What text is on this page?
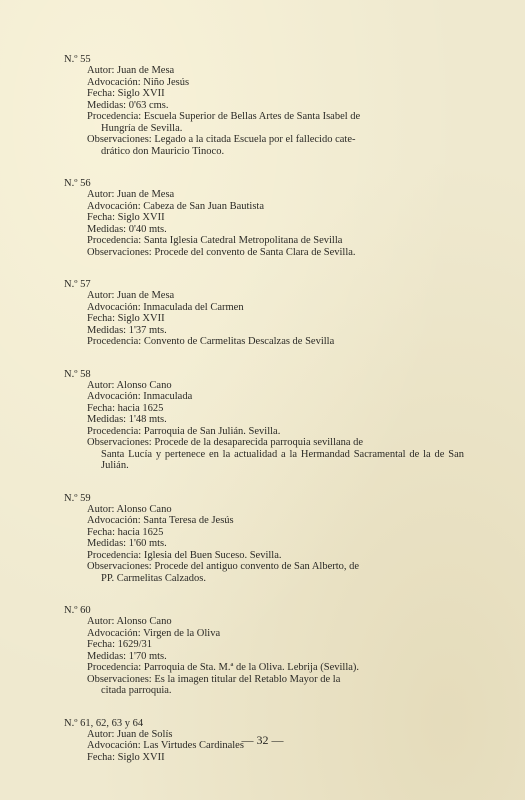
N.º 55
Autor: Juan de Mesa
Advocación: Niño Jesús
Fecha: Siglo XVII
Medidas: 0'63 cms.
Procedencia: Escuela Superior de Bellas Artes de Santa Isabel de
Hungría de Sevilla.
Observaciones: Legado a la citada Escuela por el fallecido cate-
drático don Mauricio Tinoco.
N.º 56
Autor: Juan de Mesa
Advocación: Cabeza de San Juan Bautista
Fecha: Siglo XVII
Medidas: 0'40 mts.
Procedencia: Santa Iglesia Catedral Metropolitana de Sevilla
Observaciones: Procede del convento de Santa Clara de Sevilla.
N.º 57
Autor: Juan de Mesa
Advocación: Inmaculada del Carmen
Fecha: Siglo XVII
Medidas: 1'37 mts.
Procedencia: Convento de Carmelitas Descalzas de Sevilla
N.º 58
Autor: Alonso Cano
Advocación: Inmaculada
Fecha: hacia 1625
Medidas: 1'48 mts.
Procedencia: Parroquia de San Julián. Sevilla.
Observaciones: Procede de la desaparecida parroquia sevillana de
Santa Lucía y pertenece en la actualidad a la Hermandad Sacramental de la de San Julián.
N.º 59
Autor: Alonso Cano
Advocación: Santa Teresa de Jesús
Fecha: hacia 1625
Medidas: 1'60 mts.
Procedencia: Iglesia del Buen Suceso. Sevilla.
Observaciones: Procede del antiguo convento de San Alberto, de
PP. Carmelitas Calzados.
N.º 60
Autor: Alonso Cano
Advocación: Virgen de la Oliva
Fecha: 1629/31
Medidas: 1'70 mts.
Procedencia: Parroquia de Sta. M.ª de la Oliva. Lebrija (Sevilla).
Observaciones: Es la imagen titular del Retablo Mayor de la
citada parroquia.
N.º 61, 62, 63 y 64
Autor: Juan de Solís
Advocación: Las Virtudes Cardinales
Fecha: Siglo XVII
— 32 —
